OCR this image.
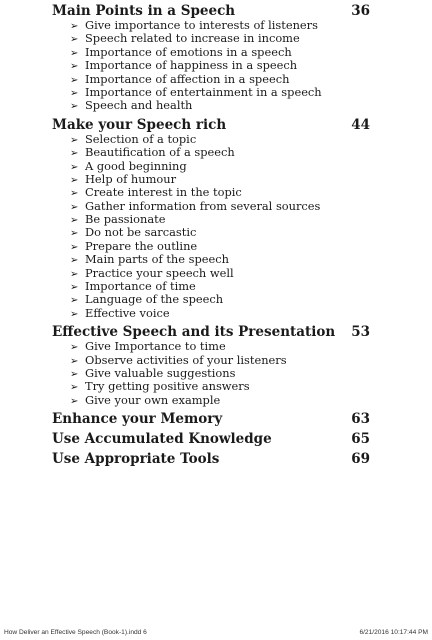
Main Points in a Speech	36
➢ Give importance to interests of listeners
➢ Speech related to increase in income
➢ Importance of emotions in a speech
➢ Importance of happiness in a speech
➢ Importance of affection in a speech
➢ Importance of entertainment in a speech
➢ Speech and health
Make your Speech rich	44
➢ Selection of a topic
➢ Beautification of a speech
➢ A good beginning
➢ Help of humour
➢ Create interest in the topic
➢ Gather information from several sources
➢ Be passionate
➢ Do not be sarcastic
➢ Prepare the outline
➢ Main parts of the speech
➢ Practice your speech well
➢ Importance of time
➢ Language of the speech
➢ Effective voice
Effective Speech and its Presentation 53
➢ Give Importance to time
➢ Observe activities of your listeners
➢ Give valuable suggestions
➢ Try getting positive answers
➢ Give your own example
Enhance your Memory	63
Use Accumulated Knowledge	65
Use Appropriate Tools	69
How Deliver an Effective Speech (Book-1).indd 6	6/21/2016 10:17:44 PM
